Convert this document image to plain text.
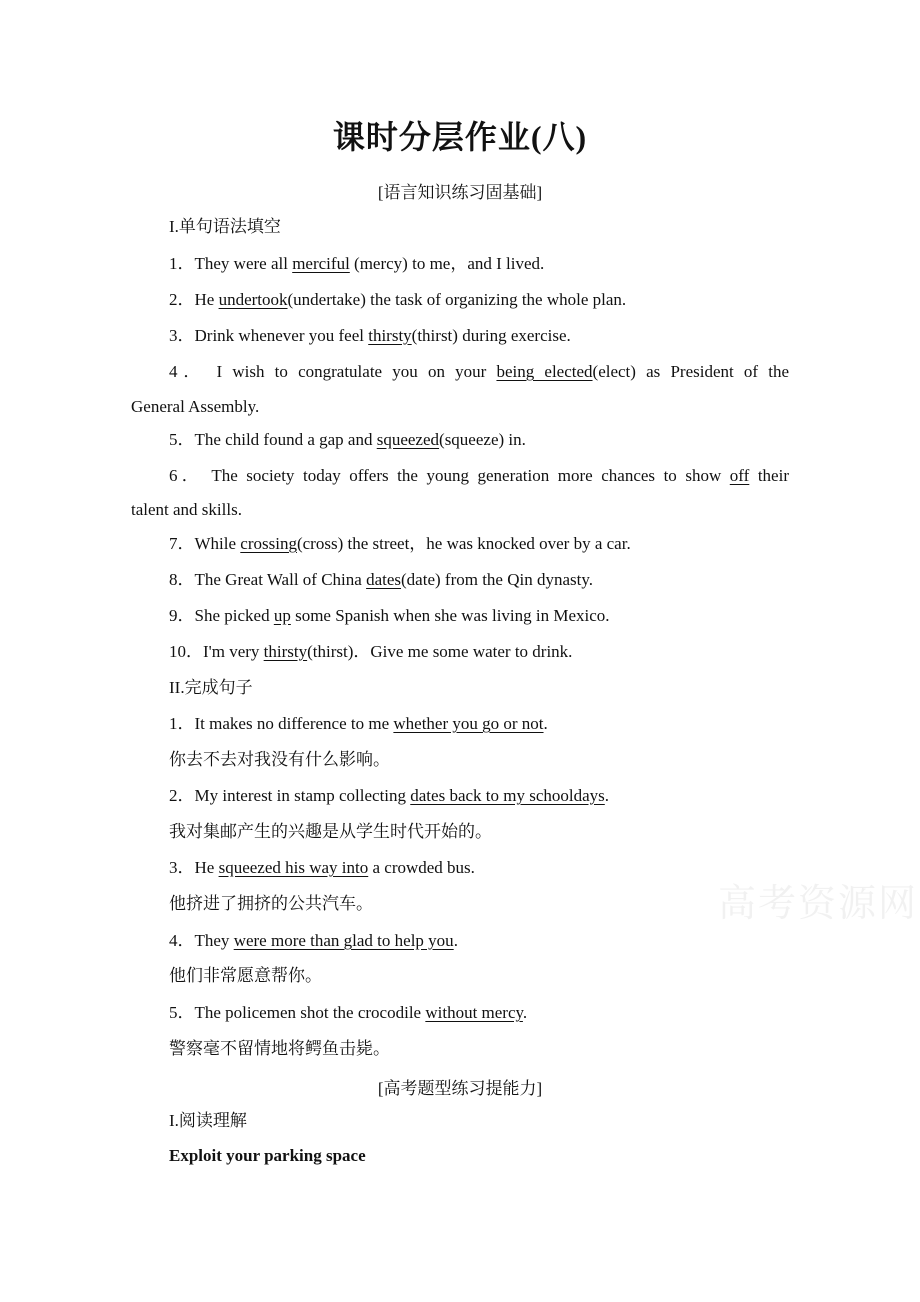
课时分层作业(八)
[语言知识练习固基础]
I.单句语法填空
1．They were all merciful (mercy) to me，and I lived.
2．He undertook(undertake) the task of organizing the whole plan.
3．Drink whenever you feel thirsty(thirst) during exercise.
4． I wish to congratulate you on your being elected(elect) as President of the
General Assembly.
5．The child found a gap and squeezed(squeeze) in.
6． The society today offers the young generation more chances to show off their
talent and skills.
7．While crossing(cross) the street，he was knocked over by a car.
8．The Great Wall of China dates(date) from the Qin dynasty.
9．She picked up some Spanish when she was living in Mexico.
10．I'm very thirsty(thirst)．Give me some water to drink.
II.完成句子
1．It makes no difference to me whether you go or not.
你去不去对我没有什么影响。
2．My interest in stamp collecting dates back to my schooldays.
我对集邮产生的兴趣是从学生时代开始的。
3．He squeezed his way into a crowded bus.
他挤进了拥挤的公共汽车。
4．They were more than glad to help you.
他们非常愿意帮你。
5．The policemen shot the crocodile without mercy.
警察毫不留情地将鳄鱼击毙。
[高考题型练习提能力]
I.阅读理解
Exploit your parking space
高考资源网
